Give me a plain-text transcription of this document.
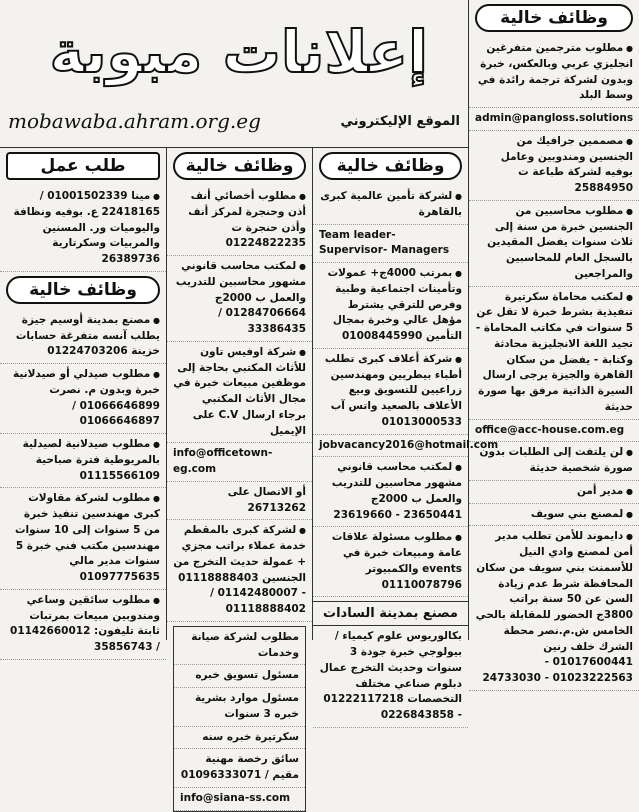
إعلانات مبوبة
الموقع الإليكتروني
mobawaba.ahram.org.eg
وظائف خالية
● مطلوب مترجمين متفرغين انجليزي عربي وبالعكس، خبرة وبدون لشركة ترجمة رائدة في وسط البلد
admin@pangloss.solutions
● مصممين جرافيك من الجنسين ومندوبين وعامل بوفيه لشركة طباعة ت 25884950
● مطلوب محاسبين من الجنسين خبرة من سنة إلى ثلاث سنوات يفضل المقيدين بالسجل العام للمحاسبين والمراجعين
● لمكتب محاماة سكرتيرة تنفيذية بشرط خبرة لا تقل عن 5 سنوات في مكاتب المحاماة - تجيد اللغة الانجليزية محادثة وكتابة - يفضل من سكان القاهرة والجيزة يرجى ارسال السيرة الذاتية مرفق بها صورة حديثة
office@acc-house.com.eg
● لن يلتفت إلى الطلبات بدون صورة شخصية حديثة
● مدير أمن
● لمصنع بني سويف
● دايموند للأمن تطلب مدير أمن لمصنع وادي النيل للأسمنت بني سويف من سكان المحافظة شرط عدم زيادة السن عن 50 سنة براتب 3800ج الحضور للمقابلة بالحي الخامس ش.م.نصر محطة الشرك خلف رنين 01017600441 - 01023222563 - 24733030
وظائف خالية
● لشركة تأمين عالمية كبرى بالقاهرة
Team leader- Supervisor- Managers
● بمرتب 4000ج+ عمولات وتأمينات اجتماعية وطبية وفرص للترقي يشترط مؤهل عالي وخبرة بمجال التأمين 01008445990
● شركة أعلاف كبرى تطلب أطباء بيطريين ومهندسين زراعيين للتسويق وبيع الأعلاف بالصعيد واتس آب 01013000533
jobvacancy2016@hotmail.com
● لمكتب محاسب قانوني مشهور محاسبين للتدريب والعمل ب 2000ج 23650441 - 23619660
● مطلوب مسئولة علاقات عامة ومبيعات خبرة في events والكمبيوتر 01110078796
مصنع بمدينة السادات
بكالوريوس علوم كيمياء / بيولوجي خبرة جودة 3 سنوات وحديث التخرج عمال دبلوم صناعي مختلف التخصصات 01222117218 - 0226843858
وظائف خالية
● مطلوب أخصائي أنف أذن وحنجرة لمركز أنف وأذن حنجرة ت 01224822235
● لمكتب محاسب قانوني مشهور محاسبين للتدريب والعمل ب 2000ج 01284706664 / 33386435
● شركة اوفيس تاون للأثاث المكتبي بحاجة إلى موظفين مبيعات خبرة في مجال الأثاث المكتبي برجاء ارسال C.V على الإيميل
info@officetown-eg.com
أو الاتصال على 26713262
● لشركة كبرى بالمقطم خدمة عملاء براتب مجزي + عمولة حديث التخرج من الجنسين 01118888403 - 01142480007 / 01118888402
مطلوب لشركة صيانة وخدمات
مسئول تسويق خبره
مسئول موارد بشرية خبره 3 سنوات
سكرتيرة خبره سنه
سائق رخصة مهنية مقيم / 01096333071
info@siana-ss.com
طلب عمل
● مينا 01001502339 / 22418165 ع. بوفيه ونظافة واليوميات ور. المسنين والمربيات وسكرتارية 26389736
وظائف خالية
● مصنع بمدينة أوسيم جيزة يطلب آنسه متفرغة حسابات خزينة 01224703206
● مطلوب صيدلي أو صيدلانية خبرة وبدون م. نصرت 01066646899 / 01066646897
● مطلوب صيدلانية لصيدلية بالمريوطية فترة صباحية 01115566109
● مطلوب لشركة مقاولات كبرى مهندسين تنفيذ خبرة من 5 سنوات إلى 10 سنوات مهندسين مكتب فني خبرة 5 سنوات مدير مالي 01097775635
● مطلوب سائقين وساعي ومندوبين مبيعات بمرتبات ثابتة تليفون: 01142660012 / 35856743
